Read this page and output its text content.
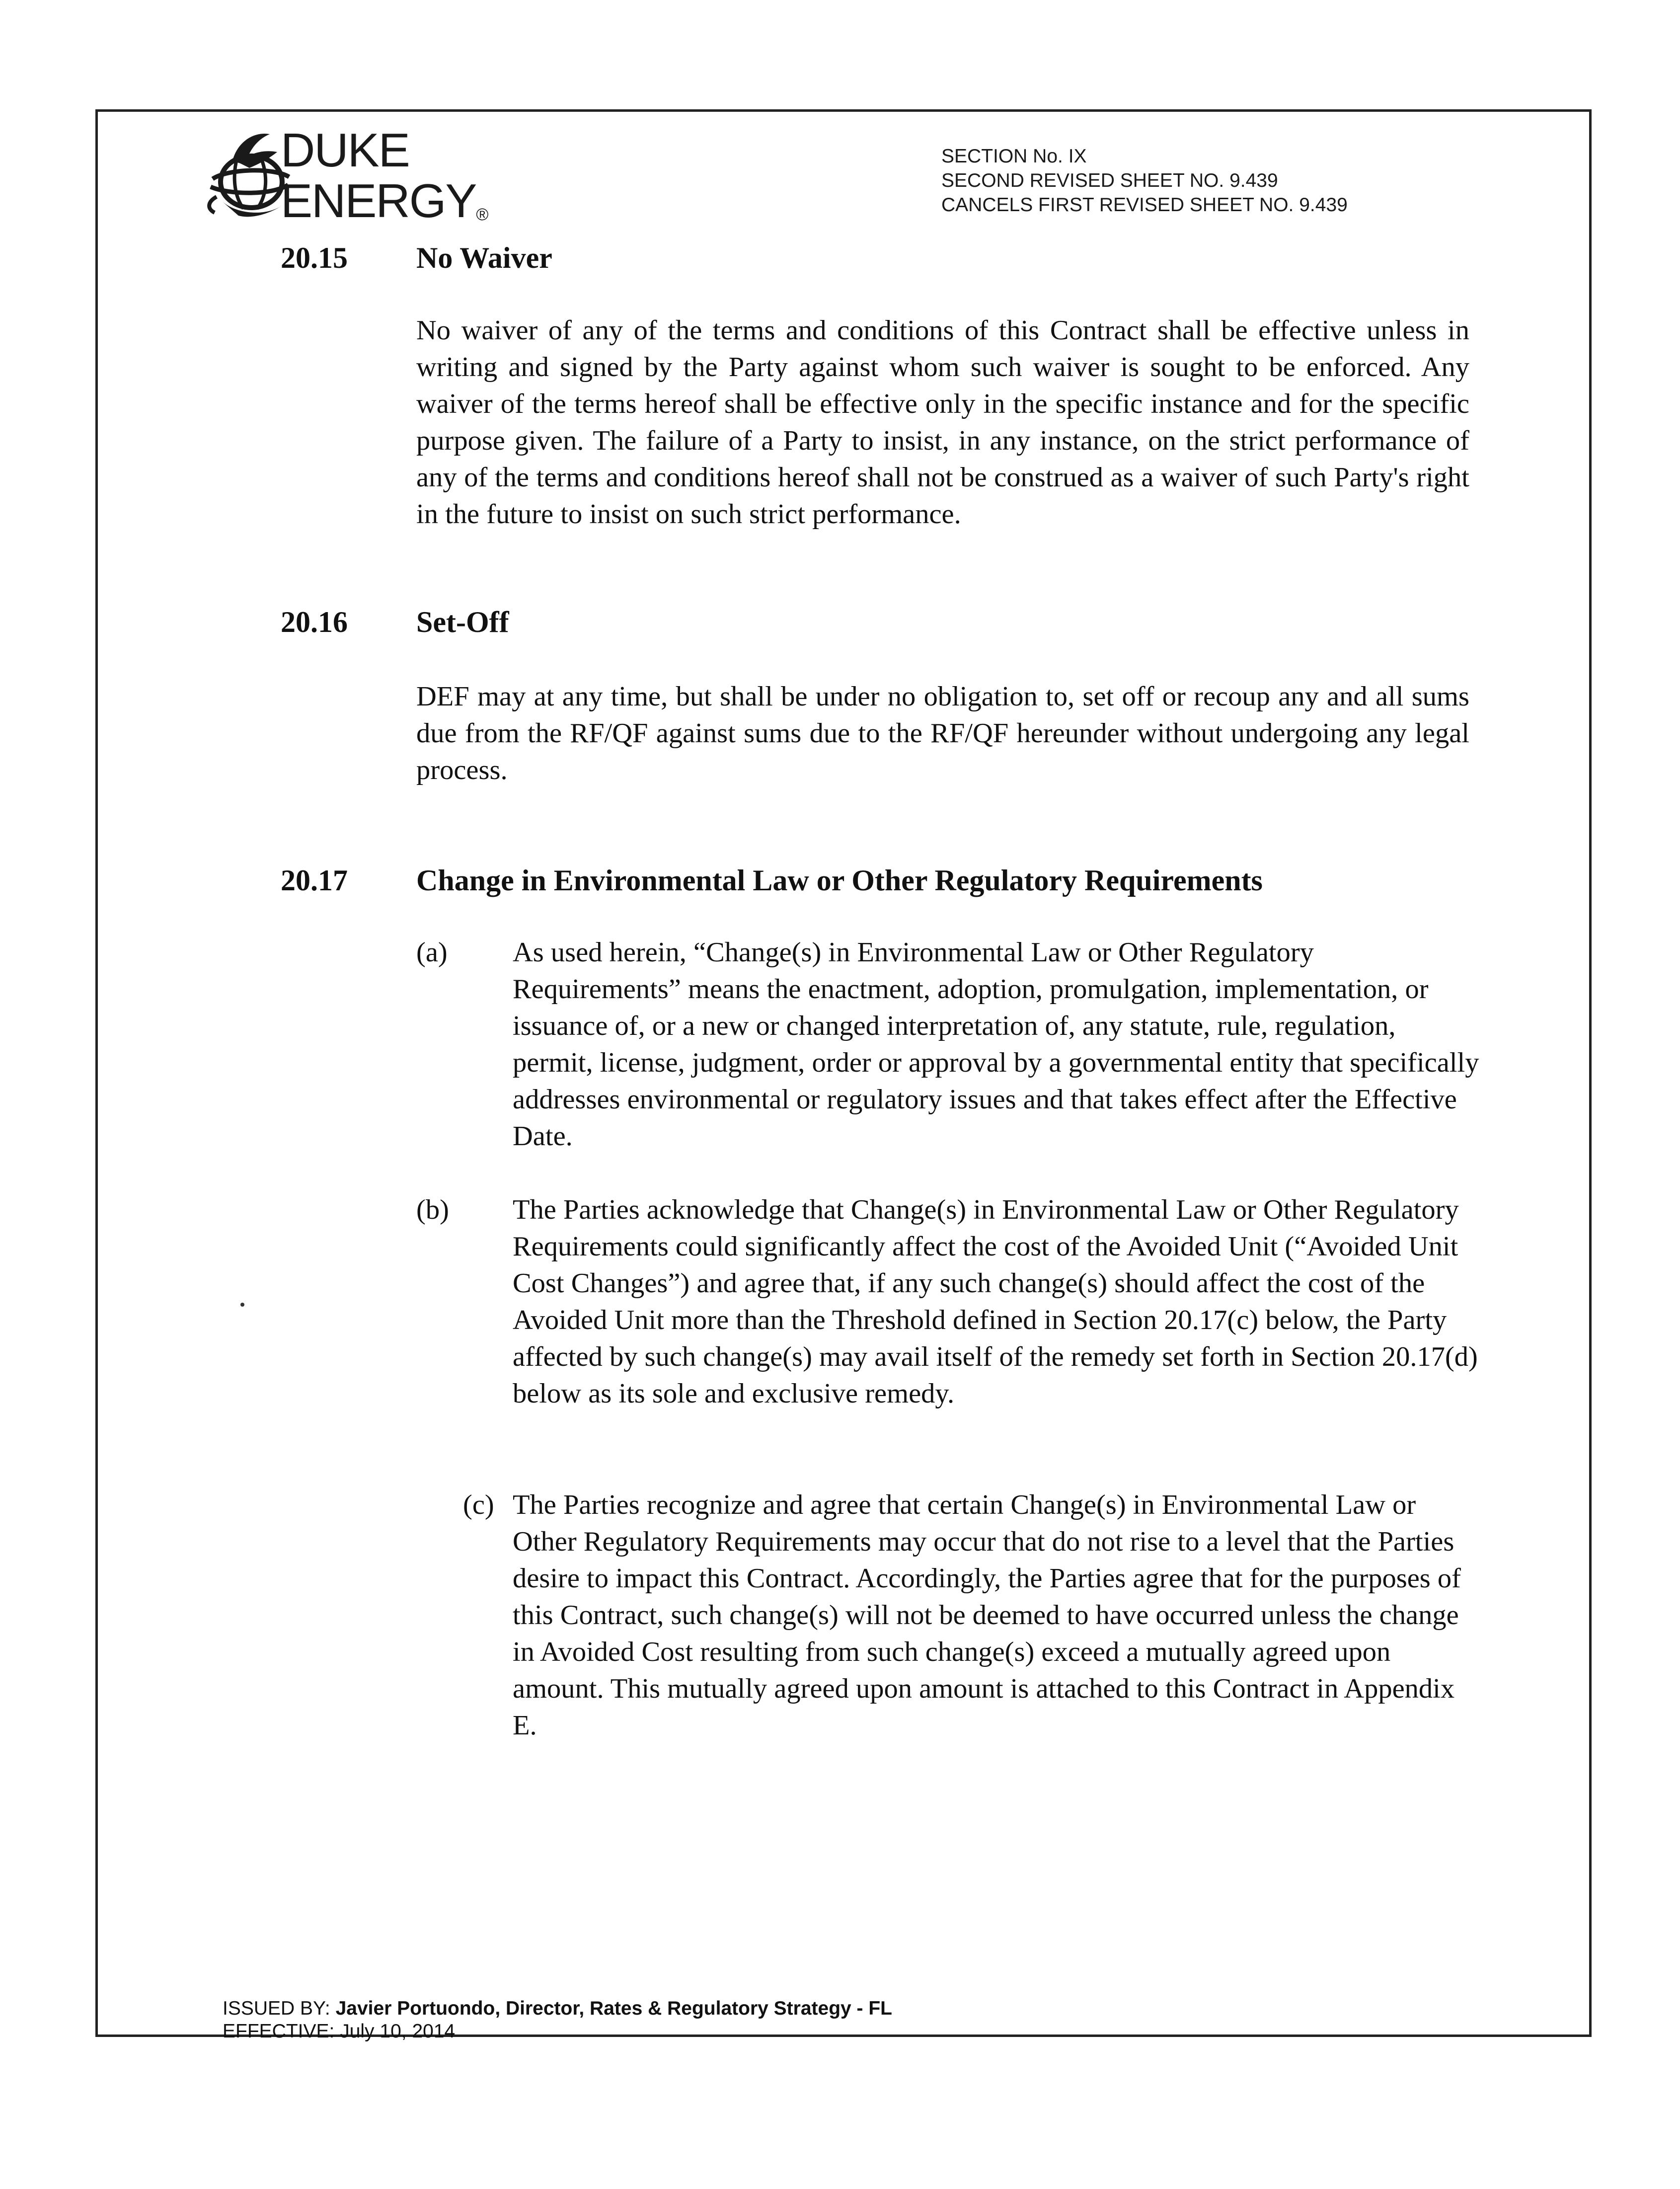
DUKE
ENERGY®
SECTION No. IX
SECOND REVISED SHEET NO. 9.439
CANCELS FIRST REVISED SHEET NO. 9.439
20.15 No Waiver
No waiver of any of the terms and conditions of this Contract shall be effective unless in writing and signed by the Party against whom such waiver is sought to be enforced. Any waiver of the terms hereof shall be effective only in the specific instance and for the specific purpose given. The failure of a Party to insist, in any instance, on the strict performance of any of the terms and conditions hereof shall not be construed as a waiver of such Party's right in the future to insist on such strict performance.
20.16 Set-Off
DEF may at any time, but shall be under no obligation to, set off or recoup any and all sums due from the RF/QF against sums due to the RF/QF hereunder without undergoing any legal process.
20.17 Change in Environmental Law or Other Regulatory Requirements
(a) As used herein, “Change(s) in Environmental Law or Other Regulatory Requirements” means the enactment, adoption, promulgation, implementation, or issuance of, or a new or changed interpretation of, any statute, rule, regulation, permit, license, judgment, order or approval by a governmental entity that specifically addresses environmental or regulatory issues and that takes effect after the Effective Date.
(b) The Parties acknowledge that Change(s) in Environmental Law or Other Regulatory Requirements could significantly affect the cost of the Avoided Unit (“Avoided Unit Cost Changes”) and agree that, if any such change(s) should affect the cost of the Avoided Unit more than the Threshold defined in Section 20.17(c) below, the Party affected by such change(s) may avail itself of the remedy set forth in Section 20.17(d) below as its sole and exclusive remedy.
(c) The Parties recognize and agree that certain Change(s) in Environmental Law or Other Regulatory Requirements may occur that do not rise to a level that the Parties desire to impact this Contract. Accordingly, the Parties agree that for the purposes of this Contract, such change(s) will not be deemed to have occurred unless the change in Avoided Cost resulting from such change(s) exceed a mutually agreed upon amount. This mutually agreed upon amount is attached to this Contract in Appendix E.
ISSUED BY: Javier Portuondo, Director, Rates & Regulatory Strategy - FL
EFFECTIVE: July 10, 2014
